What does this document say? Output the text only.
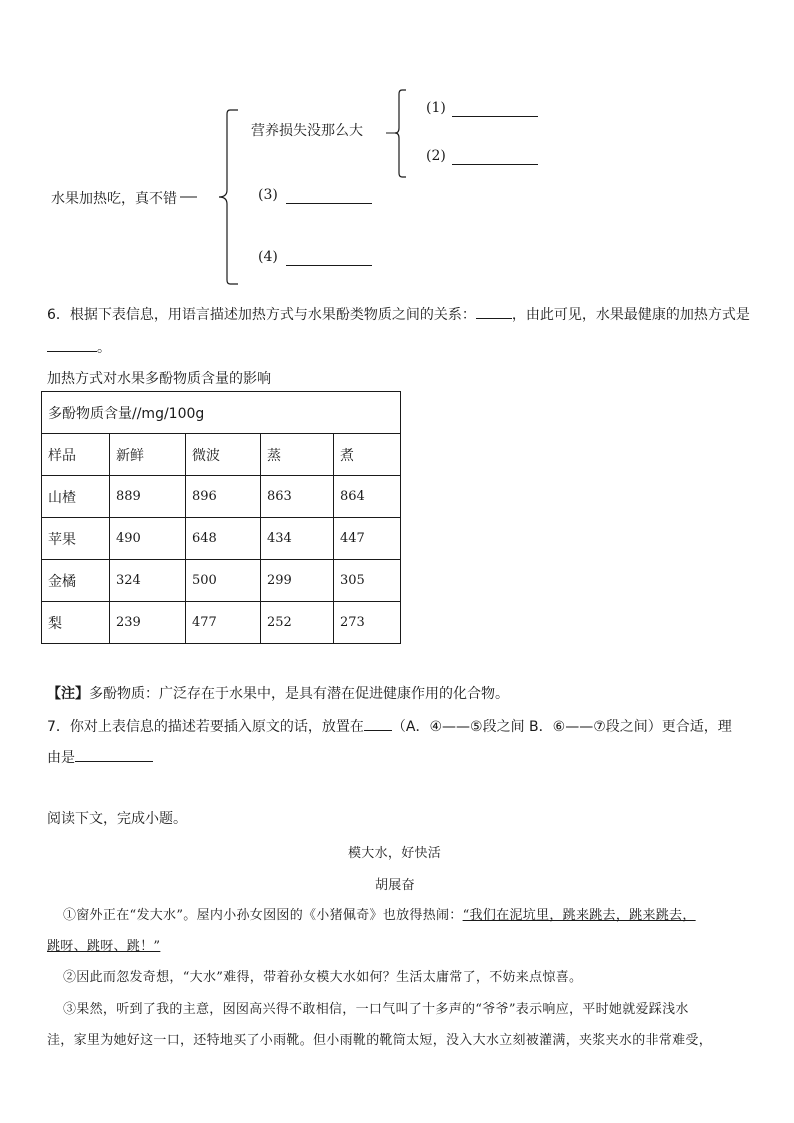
水果加热吃，真不错
营养损失没那么大
(1)
(2)
(3)
(4)
6．根据下表信息，用语言描述加热方式与水果酚类物质之间的关系：	，由此可见，水果最健康的加热方式是
。
加热方式对水果多酚物质含量的影响
多酚物质含量//mg/100g				
样品	新鲜	微波	蒸	煮
山楂	889	896	863	864
苹果	490	648	434	447
金橘	324	500	299	305
梨	239	477	252	273
【注】多酚物质：广泛存在于水果中，是具有潜在促进健康作用的化合物。
7．你对上表信息的描述若要插入原文的话，放置在 （A．④——⑤段之间 B．⑥——⑦段之间）更合适，理
由是
阅读下文，完成小题。
模大水，好快活
胡展奋
①窗外正在“发大水”。屋内小孙女囡囡的《小猪佩奇》也放得热闹：“我们在泥坑里，跳来跳去，跳来跳去，
跳呀、跳呀、跳！”
②因此而忽发奇想，“大水”难得，带着孙女模大水如何？生活太庸常了，不妨来点惊喜。
③果然，听到了我的主意，囡囡高兴得不敢相信，一口气叫了十多声的“爷爷”表示响应，平时她就爱踩浅水
洼，家里为她好这一口，还特地买了小雨靴。但小雨靴的靴筒太短，没入大水立刻被灌满，夹浆夹水的非常难受，
